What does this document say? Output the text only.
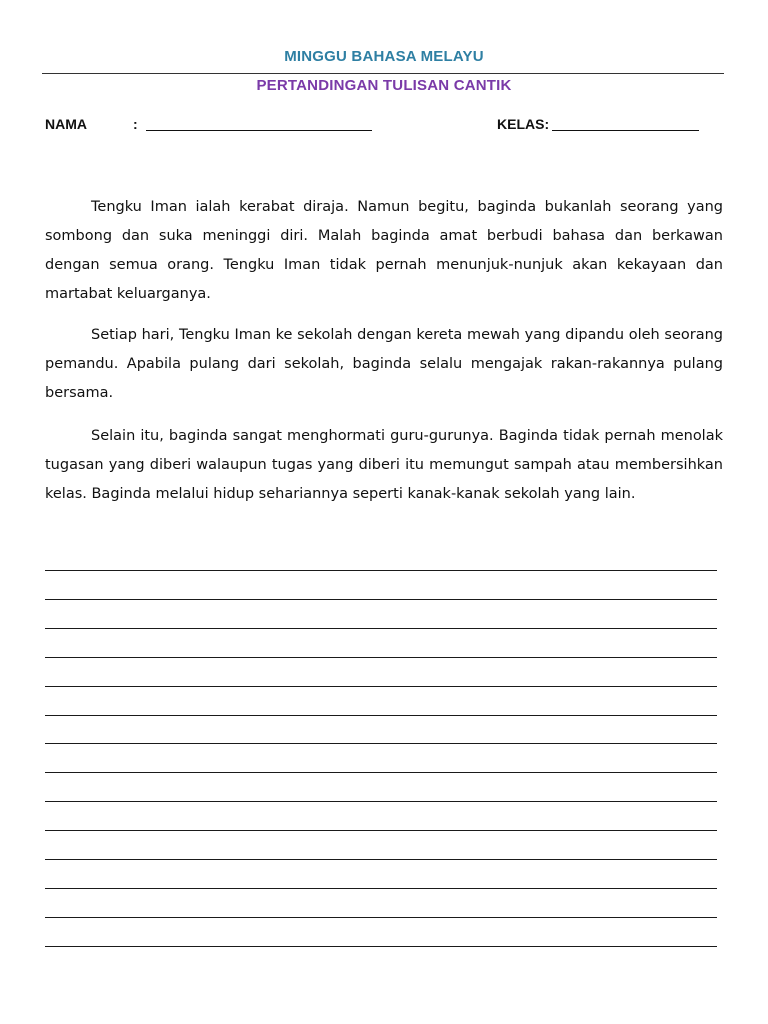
MINGGU BAHASA MELAYU
PERTANDINGAN TULISAN CANTIK
NAMA	:	KELAS:

Tengku Iman ialah kerabat diraja. Namun begitu, baginda bukanlah seorang yang sombong dan suka meninggi diri. Malah baginda amat berbudi bahasa dan berkawan dengan semua orang. Tengku Iman tidak pernah menunjuk-nunjuk akan kekayaan dan martabat keluarganya.

Setiap hari, Tengku Iman ke sekolah dengan kereta mewah yang dipandu oleh seorang pemandu. Apabila pulang dari sekolah, baginda selalu mengajak rakan-rakannya pulang bersama.

Selain itu, baginda sangat menghormati guru-gurunya. Baginda tidak pernah menolak tugasan yang diberi walaupun tugas yang diberi itu memungut sampah atau membersihkan kelas. Baginda melalui hidup sehariannya seperti kanak-kanak sekolah yang lain.
